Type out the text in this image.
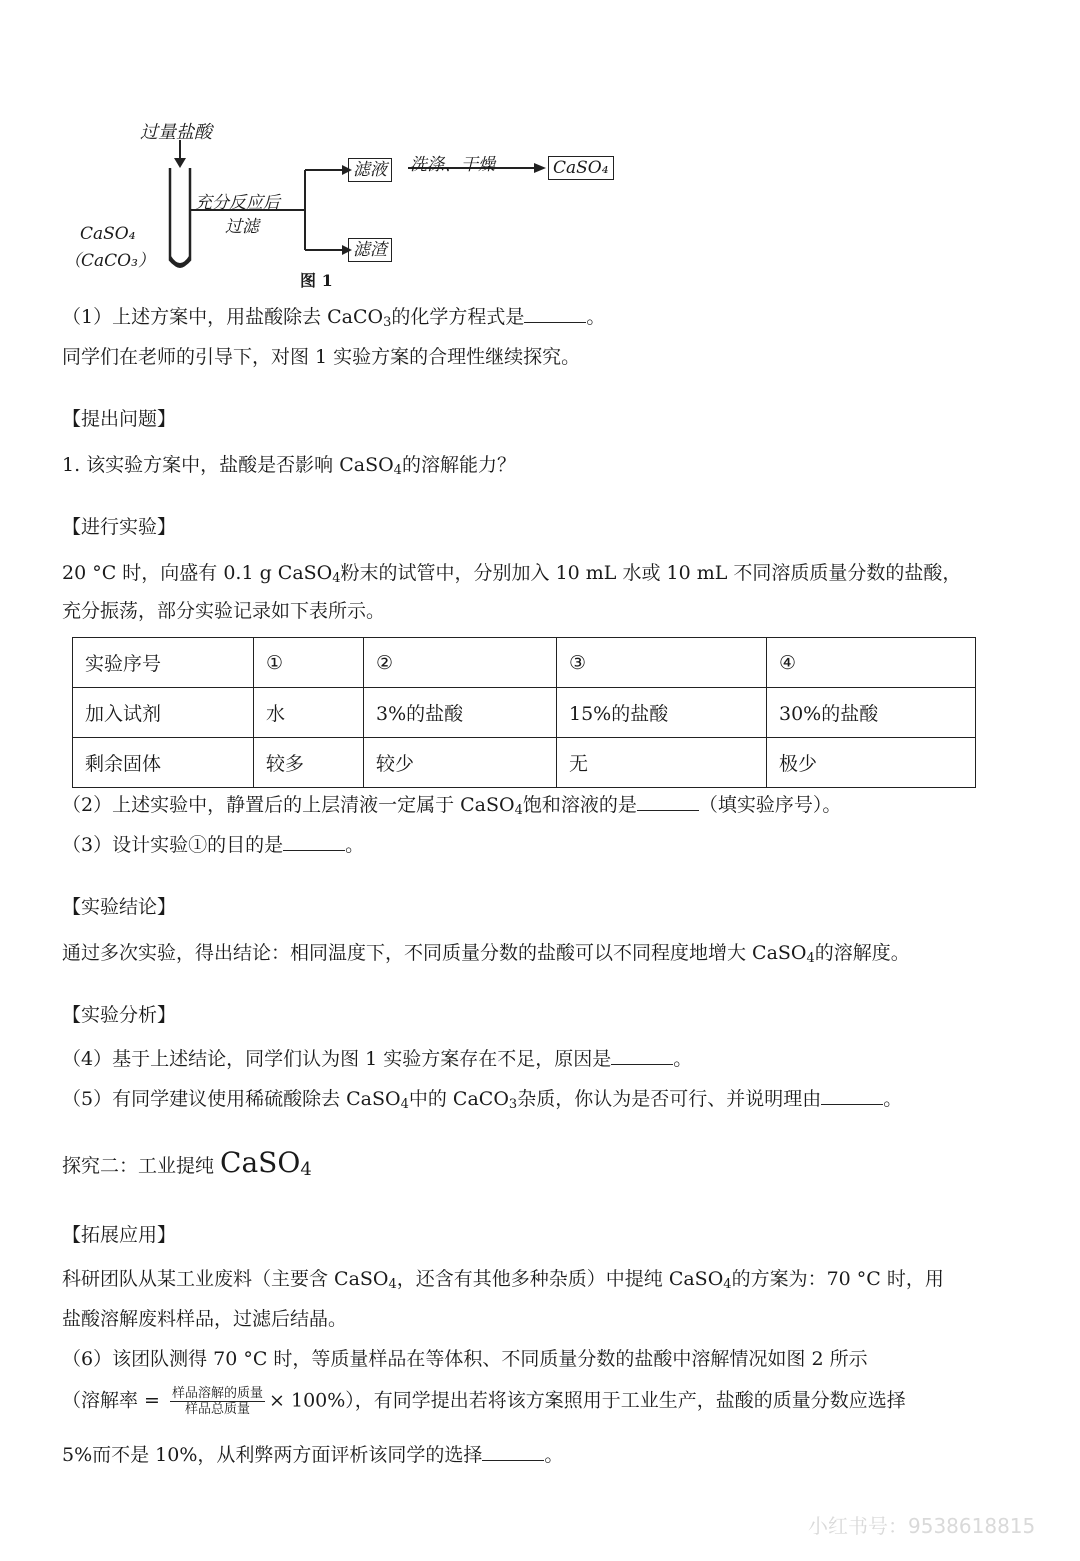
过量盐酸
CaSO₄
（CaCO₃）
充分反应后
过滤
滤液
滤渣
洗涤、干燥	CaSO₄
图 1
（1）上述方案中，用盐酸除去 CaCO$_3$的化学方程式是	。
同学们在老师的引导下，对图 1 实验方案的合理性继续探究。
【提出问题】
1. 该实验方案中，盐酸是否影响 CaSO$_4$的溶解能力？
【进行实验】
20 °C 时，向盛有 0.1 g CaSO$_4$粉末的试管中，分别加入 10 mL 水或 10 mL 不同溶质质量分数的盐酸，
充分振荡，部分实验记录如下表所示。
实验序号	①	②	③	④
加入试剂	水	3%的盐酸	15%的盐酸	30%的盐酸
剩余固体	较多	较少	无	极少
（2）上述实验中，静置后的上层清液一定属于 CaSO$_4$饱和溶液的是	（填实验序号）。
（3）设计实验①的目的是	。
【实验结论】
通过多次实验，得出结论：相同温度下，不同质量分数的盐酸可以不同程度地增大 CaSO$_4$的溶解度。
【实验分析】
（4）基于上述结论，同学们认为图 1 实验方案存在不足，原因是	。
（5）有同学建议使用稀硫酸除去 CaSO$_4$中的 CaCO$_3$杂质，你认为是否可行、并说明理由	。
探究二：工业提纯 CaSO$_4$
【拓展应用】
科研团队从某工业废料（主要含 CaSO$_4$，还含有其他多种杂质）中提纯 CaSO$_4$的方案为：70 °C 时，用
盐酸溶解废料样品，过滤后结晶。
（6）该团队测得 70 °C 时，等质量样品在等体积、不同质量分数的盐酸中溶解情况如图 2 所示
（溶解率 = $\frac{\text{样品溶解的质量}}{\text{样品总质量}} \times 100\%$），有同学提出若将该方案照用于工业生产，盐酸的质量分数应选择
5%而不是 10%，从利弊两方面评析该同学的选择	。
小红书号：9538618815
